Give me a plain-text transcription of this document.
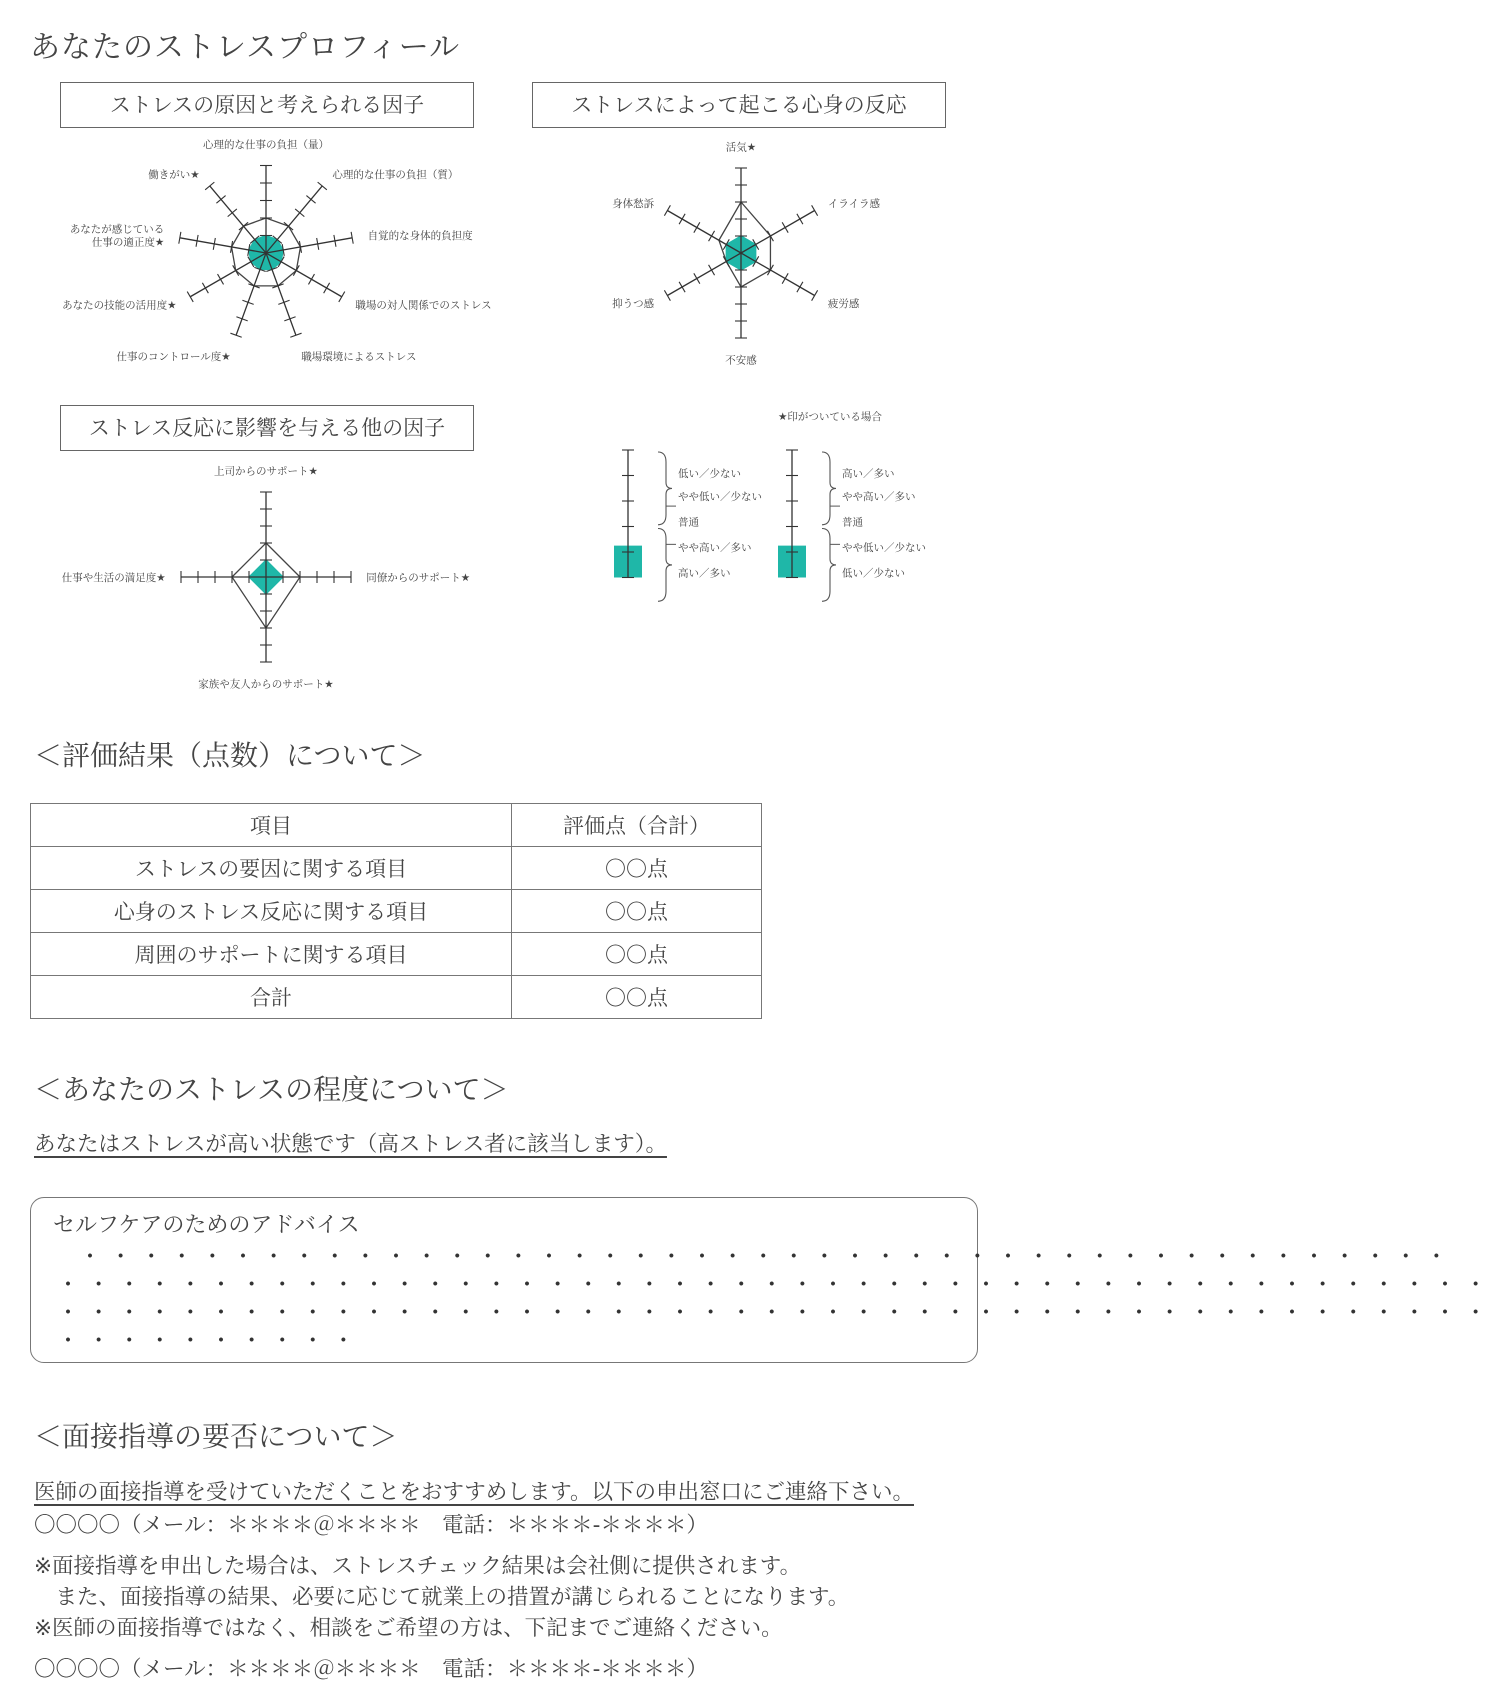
あなたのストレスプロフィール
ストレスの原因と考えられる因子	ストレスによって起こる心身の反応
ストレス反応に影響を与える他の因子
心理的な仕事の負担（量）
心理的な仕事の負担（質）
自覚的な身体的負担度
職場の対人関係でのストレス
職場環境によるストレス
仕事のコントロール度★
あなたの技能の活用度★
あなたが感じている
仕事の適正度★
働きがい★
活気★
イライラ感
疲労感
不安感
抑うつ感
身体愁訴
上司からのサポート★
同僚からのサポート★
家族や友人からのサポート★
仕事や生活の満足度★
低い／少ない
やや低い／少ない
普通
やや高い／多い
高い／多い
高い／多い
やや高い／多い
普通
やや低い／少ない
低い／少ない
★印がついている場合
＜評価結果（点数）について＞
項目	評価点（合計）
ストレスの要因に関する項目	〇〇点
心身のストレス反応に関する項目	〇〇点
周囲のサポートに関する項目	〇〇点
合計	〇〇点
＜あなたのストレスの程度について＞
あなたはストレスが高い状態です（高ストレス者に該当します）。
セルフケアのためのアドバイス
・・・・・・・・・・・・・・・・・・・・・・・・・・・・・・・・・・・・・・・・・・・・・
・・・・・・・・・・・・・・・・・・・・・・・・・・・・・・・・・・・・・・・・・・・・・・・
・・・・・・・・・・・・・・・・・・・・・・・・・・・・・・・・・・・・・・・・・・・・・・・
・・・・・・・・・・
＜面接指導の要否について＞
医師の面接指導を受けていただくことをおすすめします。以下の申出窓口にご連絡下さい。
〇〇〇〇（メール：＊＊＊＊＠＊＊＊＊　電話：＊＊＊＊-＊＊＊＊）
※面接指導を申出した場合は、ストレスチェック結果は会社側に提供されます。
　また、面接指導の結果、必要に応じて就業上の措置が講じられることになります。
※医師の面接指導ではなく、相談をご希望の方は、下記までご連絡ください。
〇〇〇〇（メール：＊＊＊＊＠＊＊＊＊　電話：＊＊＊＊-＊＊＊＊）
